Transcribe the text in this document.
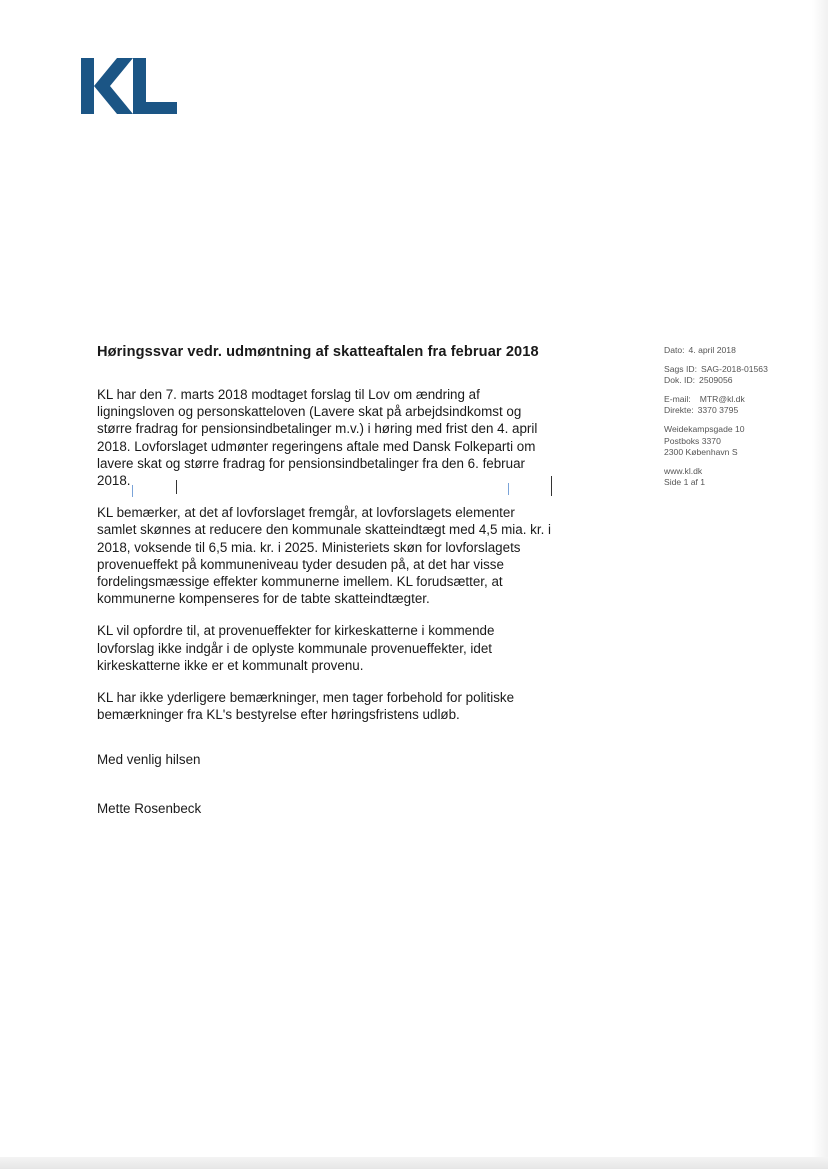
Høringssvar vedr. udmøntning af skatteaftalen fra februar 2018

KL har den 7. marts 2018 modtaget forslag til Lov om ændring af ligningsloven og personskatteloven (Lavere skat på arbejdsindkomst og større fradrag for pensionsindbetalinger m.v.) i høring med frist den 4. april 2018. Lovforslaget udmønter regeringens aftale med Dansk Folkeparti om lavere skat og større fradrag for pensionsindbetalinger fra den 6. februar 2018.

KL bemærker, at det af lovforslaget fremgår, at lovforslagets elementer samlet skønnes at reducere den kommunale skatteindtægt med 4,5 mia. kr. i 2018, voksende til 6,5 mia. kr. i 2025. Ministeriets skøn for lovforslagets provenueffekt på kommuneniveau tyder desuden på, at det har visse fordelingsmæssige effekter kommunerne imellem. KL forudsætter, at kommunerne kompenseres for de tabte skatteindtægter.

KL vil opfordre til, at provenueffekter for kirkeskatterne i kommende lovforslag ikke indgår i de oplyste kommunale provenueffekter, idet kirkeskatterne ikke er et kommunalt provenu.

KL har ikke yderligere bemærkninger, men tager forbehold for politiske bemærkninger fra KL's bestyrelse efter høringsfristens udløb.

Med venlig hilsen

Mette Rosenbeck

Dato: 4. april 2018
Sags ID: SAG-2018-01563
Dok. ID: 2509056
E-mail: MTR@kl.dk
Direkte: 3370 3795
Weidekampsgade 10
Postboks 3370
2300 København S
www.kl.dk
Side 1 af 1
